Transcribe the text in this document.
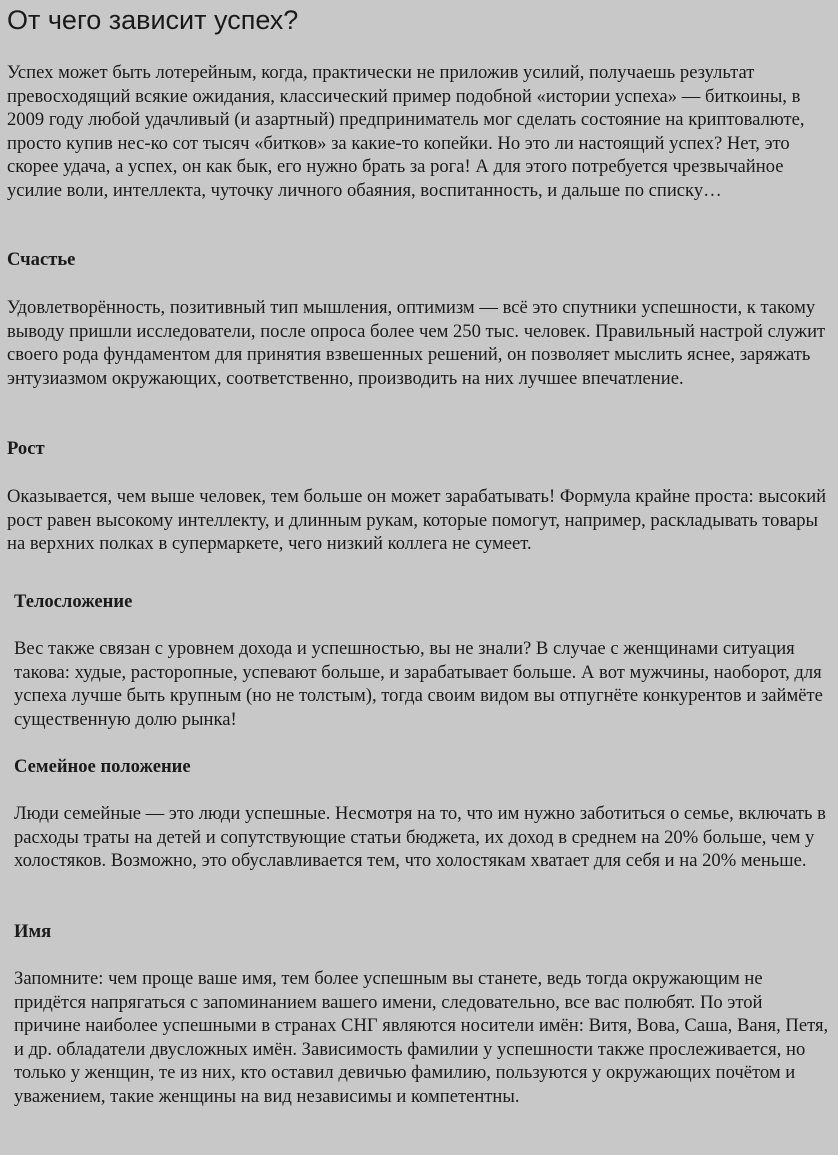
От чего зависит успех?

Успех может быть лотерейным, когда, практически не приложив усилий, получаешь результат превосходящий всякие ожидания, классический пример подобной «истории успеха» — биткоины, в 2009 году любой удачливый (и азартный) предприниматель мог сделать состояние на криптовалюте, просто купив нес-ко сот тысяч «битков» за какие-то копейки. Но это ли настоящий успех? Нет, это скорее удача, а успех, он как бык, его нужно брать за рога! А для этого потребуется чрезвычайное усилие воли, интеллекта, чуточку личного обаяния, воспитанность, и дальше по списку…

Счастье

Удовлетворённость, позитивный тип мышления, оптимизм — всё это спутники успешности, к такому выводу пришли исследователи, после опроса более чем 250 тыс. человек. Правильный настрой служит своего рода фундаментом для принятия взвешенных решений, он позволяет мыслить яснее, заряжать энтузиазмом окружающих, соответственно, производить на них лучшее впечатление.

Рост

Оказывается, чем выше человек, тем больше он может зарабатывать! Формула крайне проста: высокий рост равен высокому интеллекту, и длинным рукам, которые помогут, например, раскладывать товары на верхних полках в супермаркете, чего низкий коллега не сумеет.

Телосложение

Вес также связан с уровнем дохода и успешностью, вы не знали? В случае с женщинами ситуация такова: худые, расторопные, успевают больше, и зарабатывает больше. А вот мужчины, наоборот, для успеха лучше быть крупным (но не толстым), тогда своим видом вы отпугнёте конкурентов и займёте существенную долю рынка!

Семейное положение

Люди семейные — это люди успешные. Несмотря на то, что им нужно заботиться о семье, включать в расходы траты на детей и сопутствующие статьи бюджета, их доход в среднем на 20% больше, чем у холостяков. Возможно, это обуславливается тем, что холостякам хватает для себя и на 20% меньше.

Имя

Запомните: чем проще ваше имя, тем более успешным вы станете, ведь тогда окружающим не придётся напрягаться с запоминанием вашего имени, следовательно, все вас полюбят. По этой причине наиболее успешными в странах СНГ являются носители имён: Витя, Вова, Саша, Ваня, Петя, и др. обладатели двусложных имён. Зависимость фамилии у успешности также прослеживается, но только у женщин, те из них, кто оставил девичью фамилию, пользуются у окружающих почётом и уважением, такие женщины на вид независимы и компетентны.
